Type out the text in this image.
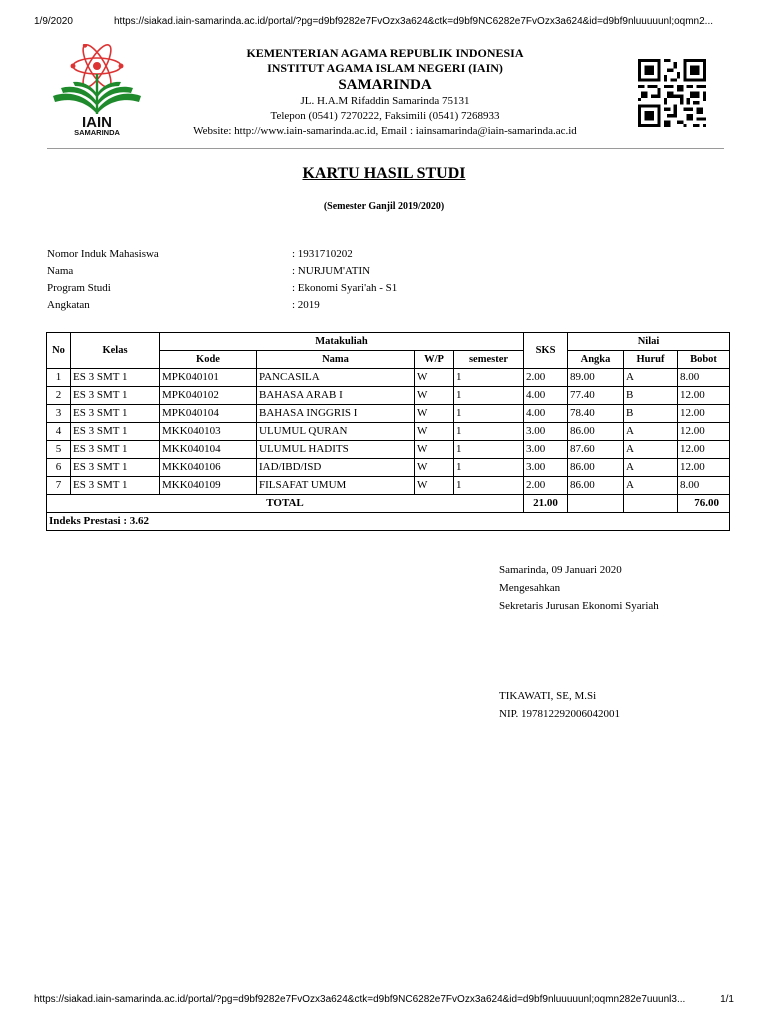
1/9/2020	https://siakad.iain-samarinda.ac.id/portal/?pg=d9bf9282e7FvOzx3a624&ctk=d9bf9NC6282e7FvOzx3a624&id=d9bf9nluuuuunl;oqmn2...
IAIN
SAMARINDA
KEMENTERIAN AGAMA REPUBLIK INDONESIA
INSTITUT AGAMA ISLAM NEGERI (IAIN)
SAMARINDA
JL. H.A.M Rifaddin Samarinda 75131
Telepon (0541) 7270222, Faksimili (0541) 7268933
Website: http://www.iain-samarinda.ac.id, Email : iainsamarinda@iain-samarinda.ac.id
KARTU HASIL STUDI
(Semester Ganjil 2019/2020)
Nomor Induk Mahasiswa	: 1931710202
Nama	: NURJUM'ATIN
Program Studi	: Ekonomi Syari'ah - S1
Angkatan	: 2019
No	Kelas	Matakuliah				SKS	Nilai		
		Kode	Nama	W/P	semester		Angka	Huruf	Bobot
1	ES 3 SMT 1	MPK040101	PANCASILA	W	1	2.00	89.00	A	8.00
2	ES 3 SMT 1	MPK040102	BAHASA ARAB I	W	1	4.00	77.40	B	12.00
3	ES 3 SMT 1	MPK040104	BAHASA INGGRIS I	W	1	4.00	78.40	B	12.00
4	ES 3 SMT 1	MKK040103	ULUMUL QURAN	W	1	3.00	86.00	A	12.00
5	ES 3 SMT 1	MKK040104	ULUMUL HADITS	W	1	3.00	87.60	A	12.00
6	ES 3 SMT 1	MKK040106	IAD/IBD/ISD	W	1	3.00	86.00	A	12.00
7	ES 3 SMT 1	MKK040109	FILSAFAT UMUM	W	1	2.00	86.00	A	8.00
TOTAL						21.00			76.00
Indeks Prestasi : 3.62									
Samarinda, 09 Januari 2020
Mengesahkan
Sekretaris Jurusan Ekonomi Syariah
TIKAWATI, SE, M.Si
NIP. 197812292006042001
https://siakad.iain-samarinda.ac.id/portal/?pg=d9bf9282e7FvOzx3a624&ctk=d9bf9NC6282e7FvOzx3a624&id=d9bf9nluuuuunl;oqmn282e7uuunl3...	1/1
